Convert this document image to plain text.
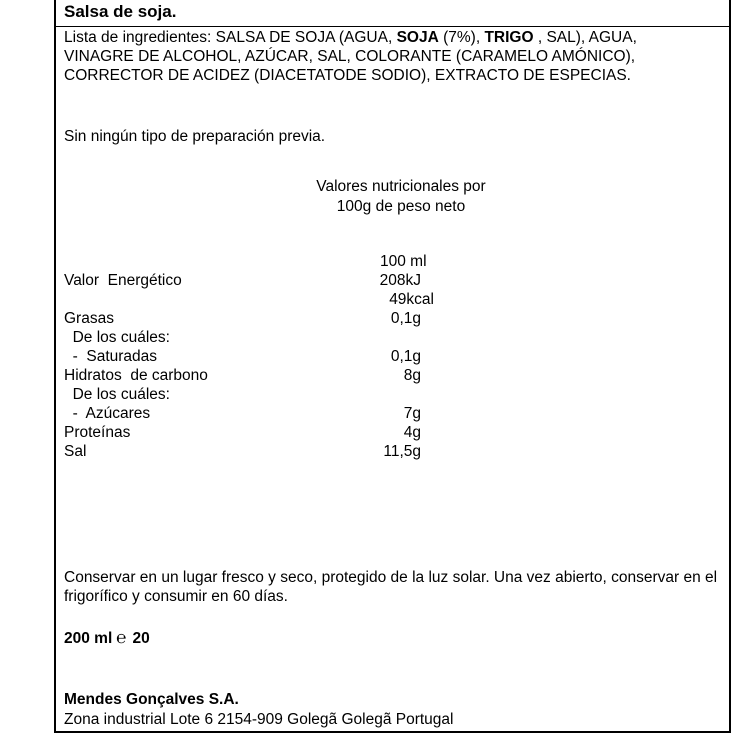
Salsa de soja.
Lista de ingredientes: SALSA DE SOJA (AGUA, SOJA (7%), TRIGO , SAL), AGUA, VINAGRE DE ALCOHOL, AZÚCAR, SAL, COLORANTE (CARAMELO AMÓNICO), CORRECTOR DE ACIDEZ (DIACETATODE SODIO), EXTRACTO DE ESPECIAS.
Sin ningún tipo de preparación previa.
Valores nutricionales por
100g de peso neto
100 ml
Valor  Energético	208kJ
49kcal
Grasas	0,1g
De los cuáles:
-  Saturadas	0,1g
Hidratos  de carbono	8g
De los cuáles:
-  Azúcares	7g
Proteínas	4g
Sal	11,5g
Conservar en un lugar fresco y seco, protegido de la luz solar. Una vez abierto, conservar en el frigorífico y consumir en 60 días.
200 ml ℮ 20
Mendes Gonçalves S.A.
Zona industrial Lote 6 2154-909 Golegã Golegã Portugal
